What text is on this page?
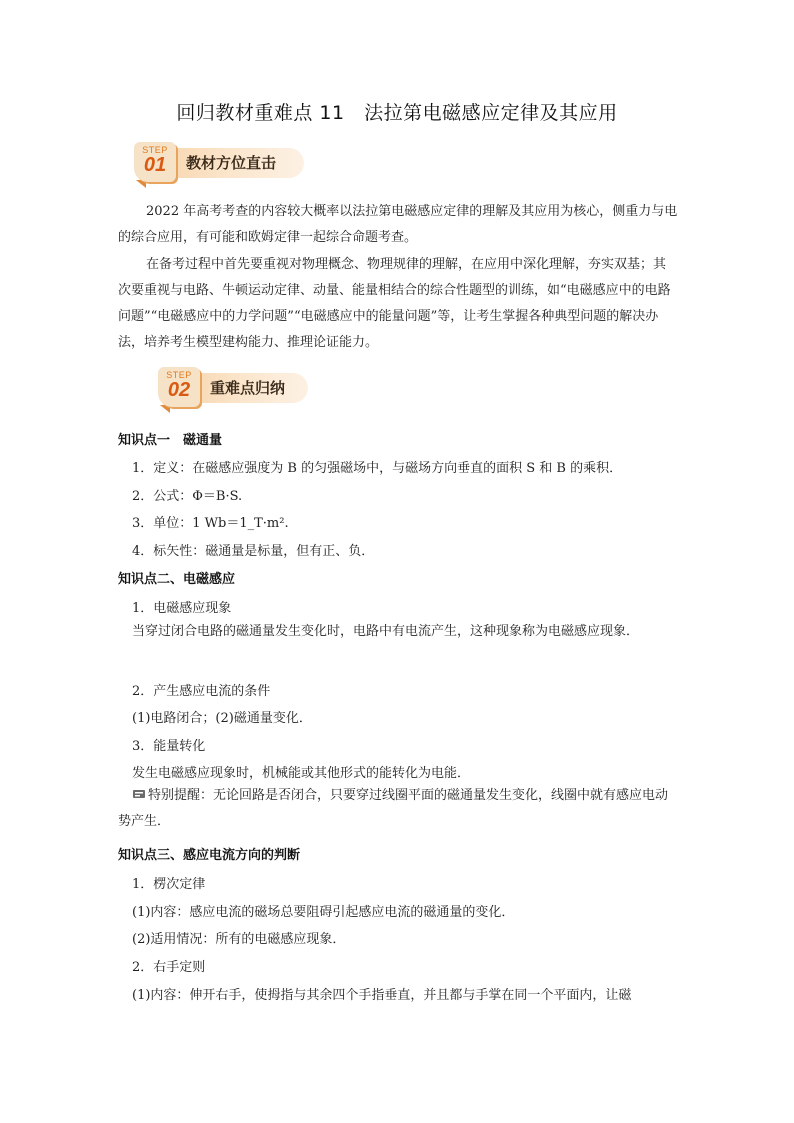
回归教材重难点 11　法拉第电磁感应定律及其应用
STEP
01	教材方位直击
2022 年高考考查的内容较大概率以法拉第电磁感应定律的理解及其应用为核心，侧重力与电的综合应用，有可能和欧姆定律一起综合命题考查。
在备考过程中首先要重视对物理概念、物理规律的理解，在应用中深化理解，夯实双基；其次要重视与电路、牛顿运动定律、动量、能量相结合的综合性题型的训练，如“电磁感应中的电路问题”“电磁感应中的力学问题”“电磁感应中的能量问题”等，让考生掌握各种典型问题的解决办法，培养考生模型建构能力、推理论证能力。
STEP
02	重难点归纳
知识点一　磁通量
1．定义：在磁感应强度为 B 的匀强磁场中，与磁场方向垂直的面积 S 和 B 的乘积．
2．公式：Φ＝B·S.
3．单位：1 Wb＝1_T·m².
4．标矢性：磁通量是标量，但有正、负．
知识点二、电磁感应
1．电磁感应现象
当穿过闭合电路的磁通量发生变化时，电路中有电流产生，这种现象称为电磁感应现象．
2．产生感应电流的条件
(1)电路闭合；(2)磁通量变化．
3．能量转化
发生电磁感应现象时，机械能或其他形式的能转化为电能．
特别提醒：无论回路是否闭合，只要穿过线圈平面的磁通量发生变化，线圈中就有感应电动势产生．
知识点三、感应电流方向的判断
1．楞次定律
(1)内容：感应电流的磁场总要阻碍引起感应电流的磁通量的变化．
(2)适用情况：所有的电磁感应现象．
2．右手定则
(1)内容：伸开右手，使拇指与其余四个手指垂直，并且都与手掌在同一个平面内，让磁
